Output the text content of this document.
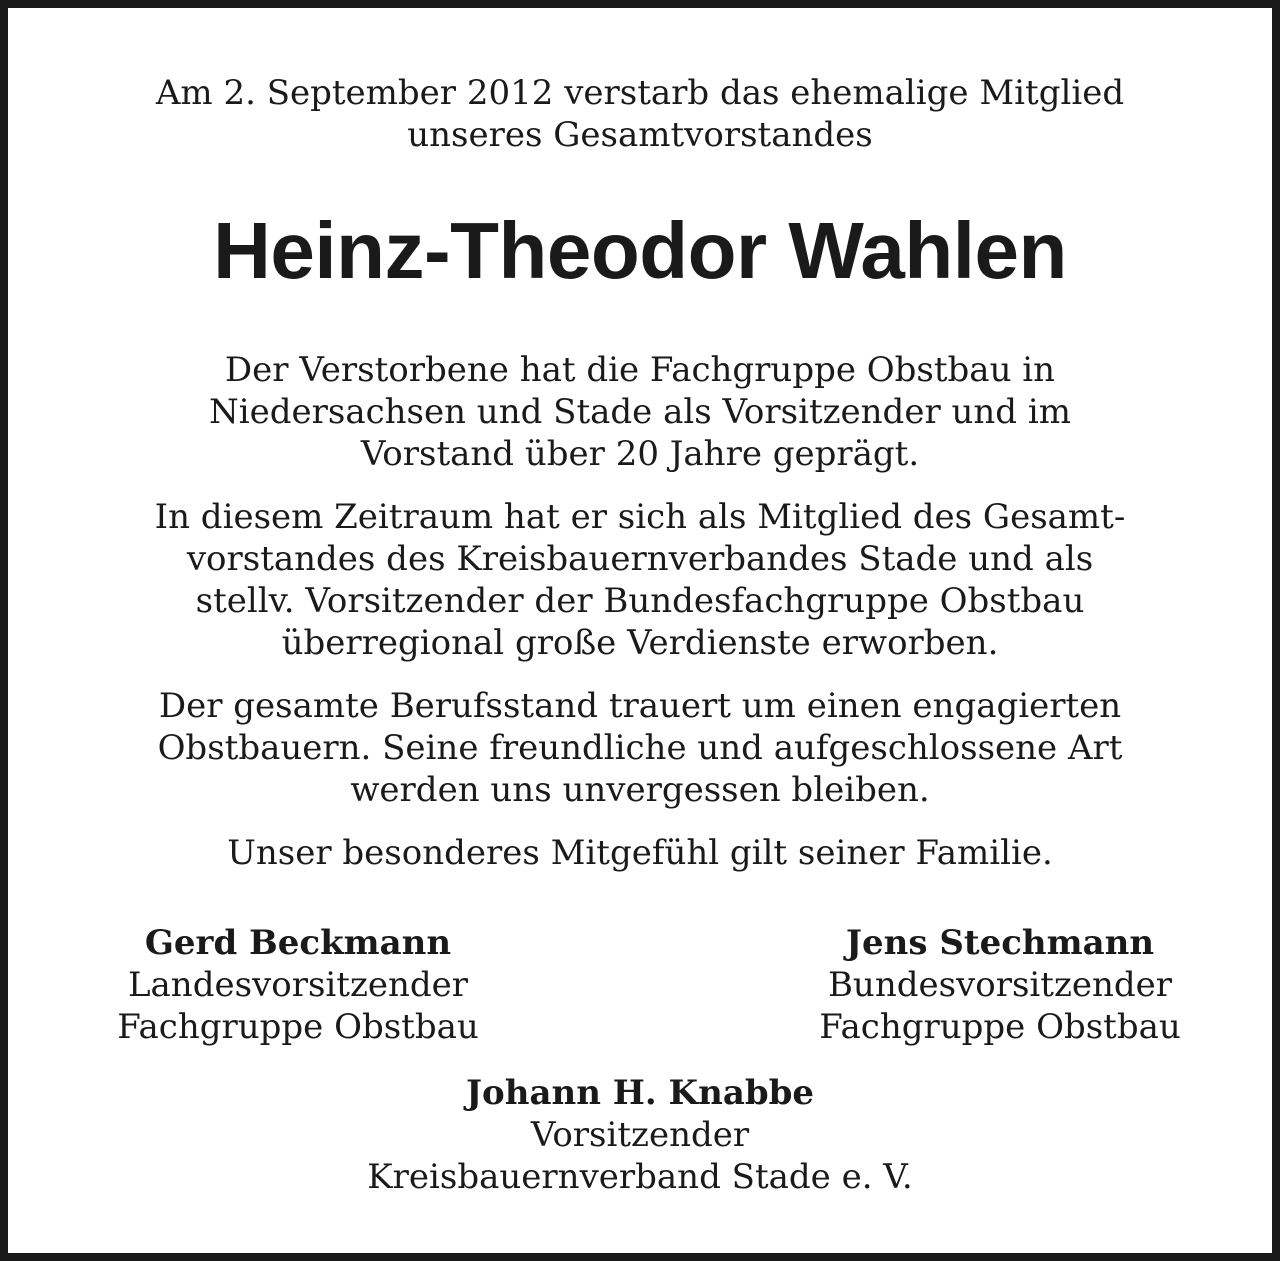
Am 2. September 2012 verstarb das ehemalige Mitglied

unseres Gesamtvorstandes

Heinz-Theodor Wahlen

Der Verstorbene hat die Fachgruppe Obstbau in

Niedersachsen und Stade als Vorsitzender und im

Vorstand über 20 Jahre geprägt.

In diesem Zeitraum hat er sich als Mitglied des Gesamt-

vorstandes des Kreisbauernverbandes Stade und als

stellv. Vorsitzender der Bundesfachgruppe Obstbau

überregional große Verdienste erworben.

Der gesamte Berufsstand trauert um einen engagierten

Obstbauern. Seine freundliche und aufgeschlossene Art

werden uns unvergessen bleiben.

Unser besonderes Mitgefühl gilt seiner Familie.

Gerd Beckmann
Landesvorsitzender
Fachgruppe Obstbau
Jens Stechmann
Bundesvorsitzender
Fachgruppe Obstbau
Johann H. Knabbe
Vorsitzender
Kreisbauernverband Stade e. V.
